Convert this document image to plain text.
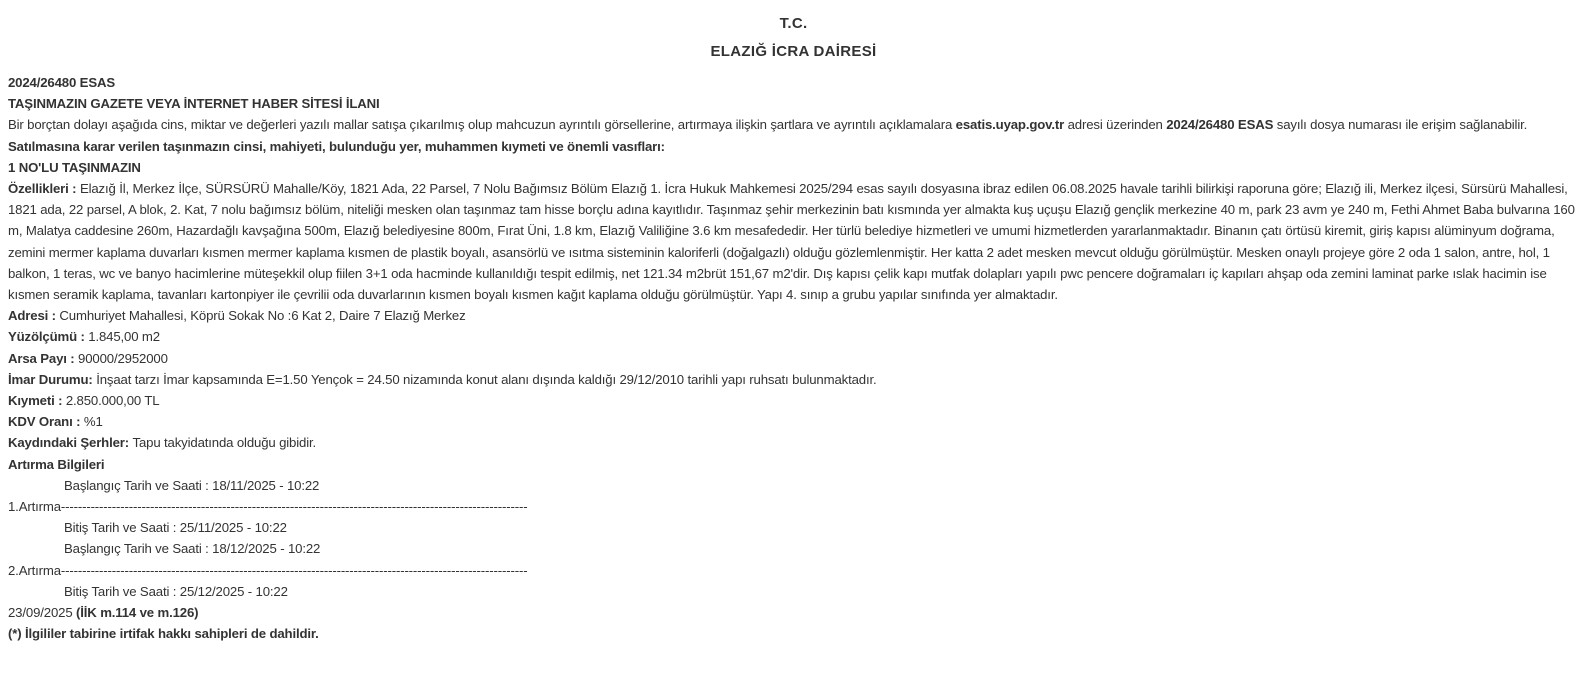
T.C.
ELAZIĞ İCRA DAİRESİ
2024/26480 ESAS
TAŞINMAZIN GAZETE VEYA İNTERNET HABER SİTESİ İLANI
Bir borçtan dolayı aşağıda cins, miktar ve değerleri yazılı mallar satışa çıkarılmış olup mahcuzun ayrıntılı görsellerine, artırmaya ilişkin şartlara ve ayrıntılı açıklamalara esatis.uyap.gov.tr adresi üzerinden 2024/26480 ESAS sayılı dosya numarası ile erişim sağlanabilir.
Satılmasına karar verilen taşınmazın cinsi, mahiyeti, bulunduğu yer, muhammen kıymeti ve önemli vasıfları:
1 NO'LU TAŞINMAZIN
Özellikleri : Elazığ İl, Merkez İlçe, SÜRSÜRÜ Mahalle/Köy, 1821 Ada, 22 Parsel, 7 Nolu Bağımsız Bölüm Elazığ 1. İcra Hukuk Mahkemesi 2025/294 esas sayılı dosyasına ibraz edilen 06.08.2025 havale tarihli bilirkişi raporuna göre; Elazığ ili, Merkez ilçesi, Sürsürü Mahallesi, 1821 ada, 22 parsel, A blok, 2. Kat, 7 nolu bağımsız bölüm, niteliği mesken olan taşınmaz tam hisse borçlu adına kayıtlıdır. Taşınmaz şehir merkezinin batı kısmında yer almakta kuş uçuşu Elazığ gençlik merkezine 40 m, park 23 avm ye 240 m, Fethi Ahmet Baba bulvarına 160 m, Malatya caddesine 260m, Hazardağlı kavşağına 500m, Elazığ belediyesine 800m, Fırat Üni, 1.8 km, Elazığ Valiliğine 3.6 km mesafededir. Her türlü belediye hizmetleri ve umumi hizmetlerden yararlanmaktadır. Binanın çatı örtüsü kiremit, giriş kapısı alüminyum doğrama, zemini mermer kaplama duvarları kısmen mermer kaplama kısmen de plastik boyalı, asansörlü ve ısıtma sisteminin kaloriferli (doğalgazlı) olduğu gözlemlenmiştir. Her katta 2 adet mesken mevcut olduğu görülmüştür. Mesken onaylı projeye göre 2 oda 1 salon, antre, hol, 1 balkon, 1 teras, wc ve banyo hacimlerine müteşekkil olup fiilen 3+1 oda hacminde kullanıldığı tespit edilmiş, net 121.34 m2brüt 151,67 m2'dir. Dış kapısı çelik kapı mutfak dolapları yapılı pwc pencere doğramaları iç kapıları ahşap oda zemini laminat parke ıslak hacimin ise kısmen seramik kaplama, tavanları kartonpiyer ile çevrilii oda duvarlarının kısmen boyalı kısmen kağıt kaplama olduğu görülmüştür. Yapı 4. sınıp a grubu yapılar sınıfında yer almaktadır.
Adresi : Cumhuriyet Mahallesi, Köprü Sokak No :6 Kat 2, Daire 7 Elazığ Merkez
Yüzölçümü : 1.845,00 m2
Arsa Payı : 90000/2952000
İmar Durumu: İnşaat tarzı İmar kapsamında E=1.50 Yençok = 24.50 nizamında konut alanı dışında kaldığı 29/12/2010 tarihli yapı ruhsatı bulunmaktadır.
Kıymeti : 2.850.000,00 TL
KDV Oranı : %1
Kaydındaki Şerhler: Tapu takyidatında olduğu gibidir.
Artırma Bilgileri
Başlangıç Tarih ve Saati : 18/11/2025 - 10:22
1.Artırma--------------------------------------------------------------------------------------------------------------
Bitiş Tarih ve Saati : 25/11/2025 - 10:22
Başlangıç Tarih ve Saati : 18/12/2025 - 10:22
2.Artırma--------------------------------------------------------------------------------------------------------------
Bitiş Tarih ve Saati : 25/12/2025 - 10:22
23/09/2025 (İİK m.114 ve m.126)
(*) İlgililer tabirine irtifak hakkı sahipleri de dahildir.
